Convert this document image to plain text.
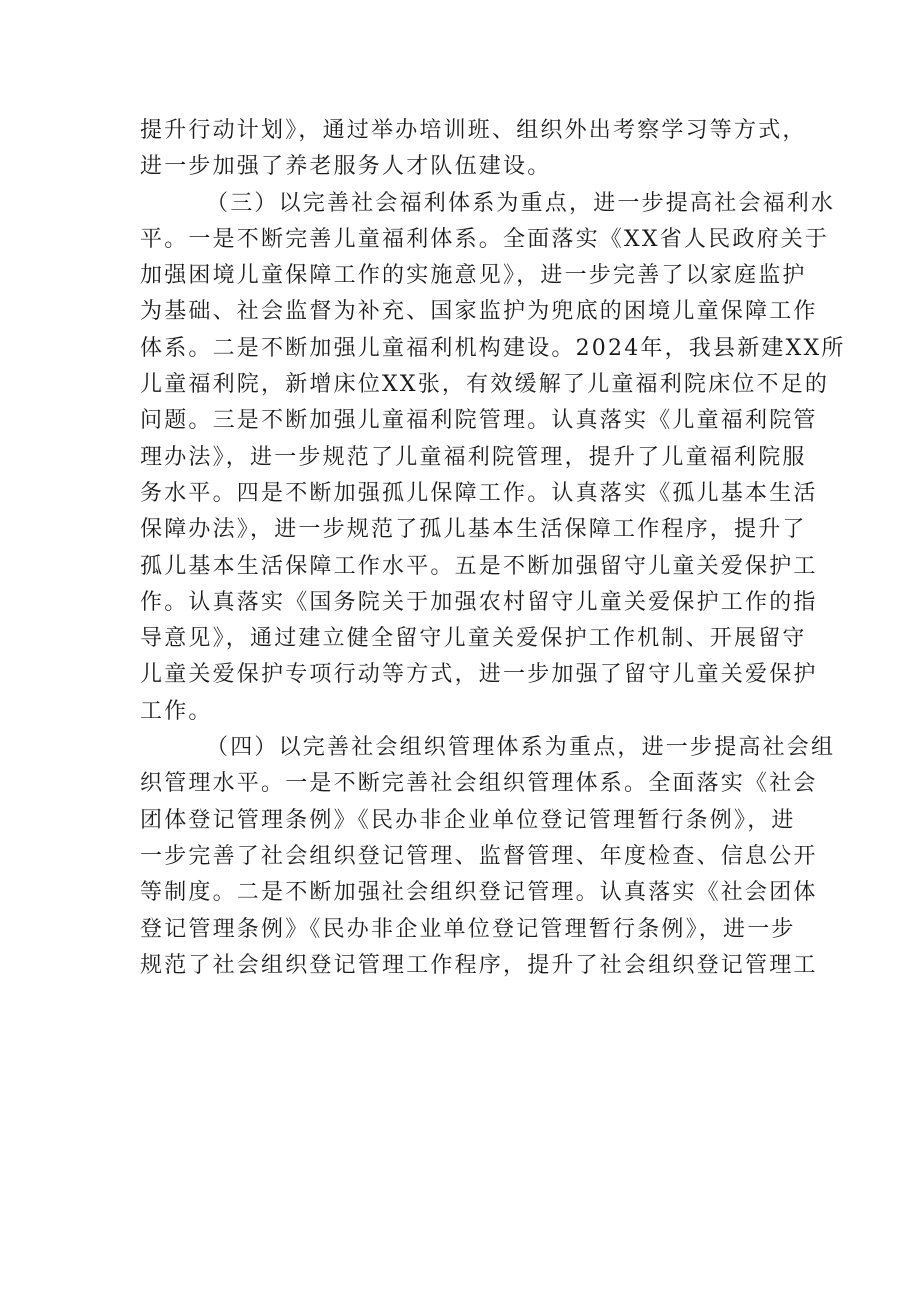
提升行动计划》，通过举办培训班、组织外出考察学习等方式，
进一步加强了养老服务人才队伍建设。
（三）以完善社会福利体系为重点，进一步提高社会福利水
平。一是不断完善儿童福利体系。全面落实《XX省人民政府关于
加强困境儿童保障工作的实施意见》，进一步完善了以家庭监护
为基础、社会监督为补充、国家监护为兜底的困境儿童保障工作
体系。二是不断加强儿童福利机构建设。2024年，我县新建XX所
儿童福利院，新增床位XX张，有效缓解了儿童福利院床位不足的
问题。三是不断加强儿童福利院管理。认真落实《儿童福利院管
理办法》，进一步规范了儿童福利院管理，提升了儿童福利院服
务水平。四是不断加强孤儿保障工作。认真落实《孤儿基本生活
保障办法》，进一步规范了孤儿基本生活保障工作程序，提升了
孤儿基本生活保障工作水平。五是不断加强留守儿童关爱保护工
作。认真落实《国务院关于加强农村留守儿童关爱保护工作的指
导意见》，通过建立健全留守儿童关爱保护工作机制、开展留守
儿童关爱保护专项行动等方式，进一步加强了留守儿童关爱保护
工作。
（四）以完善社会组织管理体系为重点，进一步提高社会组
织管理水平。一是不断完善社会组织管理体系。全面落实《社会
团体登记管理条例》《民办非企业单位登记管理暂行条例》，进
一步完善了社会组织登记管理、监督管理、年度检查、信息公开
等制度。二是不断加强社会组织登记管理。认真落实《社会团体
登记管理条例》《民办非企业单位登记管理暂行条例》，进一步
规范了社会组织登记管理工作程序，提升了社会组织登记管理工
